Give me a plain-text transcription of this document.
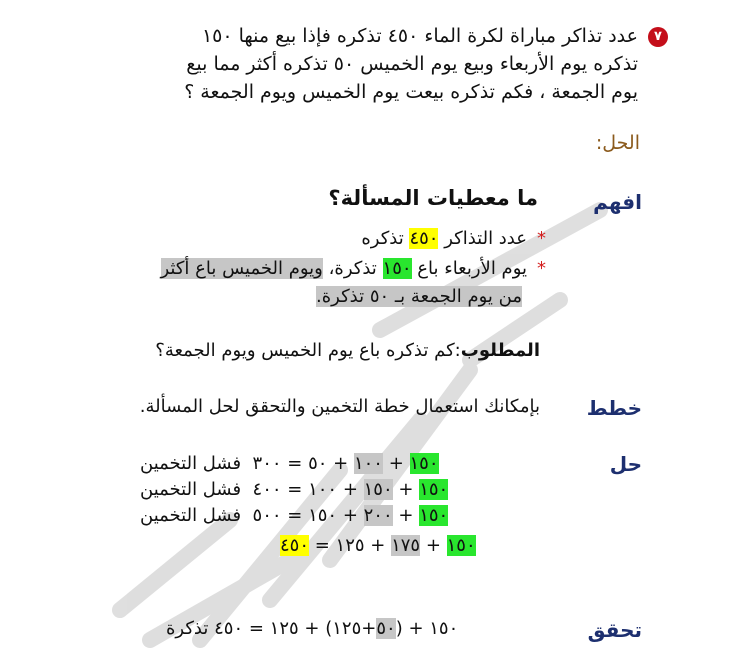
٧
عدد تذاكر مباراة لكرة الماء ٤٥٠ تذكره فإذا بيع منها ١٥٠
تذكره يوم الأربعاء وبيع يوم الخميس ٥٠ تذكره أكثر مما بيع
يوم الجمعة ، فكم تذكره بيعت يوم الخميس ويوم الجمعة ؟
الحل:
افهم
ما معطيات المسألة؟
*عدد التذاكر ٤٥٠ تذكره
*يوم الأربعاء باع ١٥٠ تذكرة، ويوم الخميس باع أكثر
من يوم الجمعة بـ ٥٠ تذكرة.
المطلوب:كم تذكره باع يوم الخميس ويوم الجمعة؟
خطط
بإمكانك استعمال خطة التخمين والتحقق لحل المسألة.
حل
١٥٠ + ١٠٠ + ٥٠ = ٣٠٠  فشل التخمين
١٥٠ + ١٥٠ + ١٠٠ = ٤٠٠  فشل التخمين
١٥٠ + ٢٠٠ + ١٥٠ = ٥٠٠  فشل التخمين
١٥٠ + ١٧٥ + ١٢٥ = ٤٥٠
تحقق
١٥٠ + (٥٠+١٢٥) + ١٢٥ = ٤٥٠ تذكرة
